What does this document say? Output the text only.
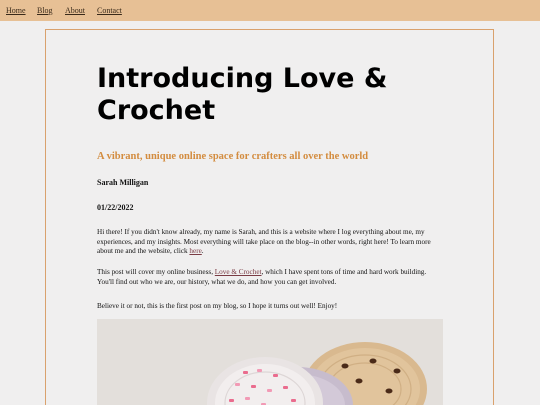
Home Blog About Contact
Introducing Love & Crochet
A vibrant, unique online space for crafters all over the world

Sarah Milligan

01/22/2022

Hi there! If you didn't know already, my name is Sarah, and this is a website where I log everything about me, my experiences, and my insights. Most everything will take place on the blog--in other words, right here! To learn more about me and the website, click here.

This post will cover my online business, Love & Crochet, which I have spent tons of time and hard work building. You'll find out who we are, our history, what we do, and how you can get involved.

Believe it or not, this is the first post on my blog, so I hope it turns out well! Enjoy!
